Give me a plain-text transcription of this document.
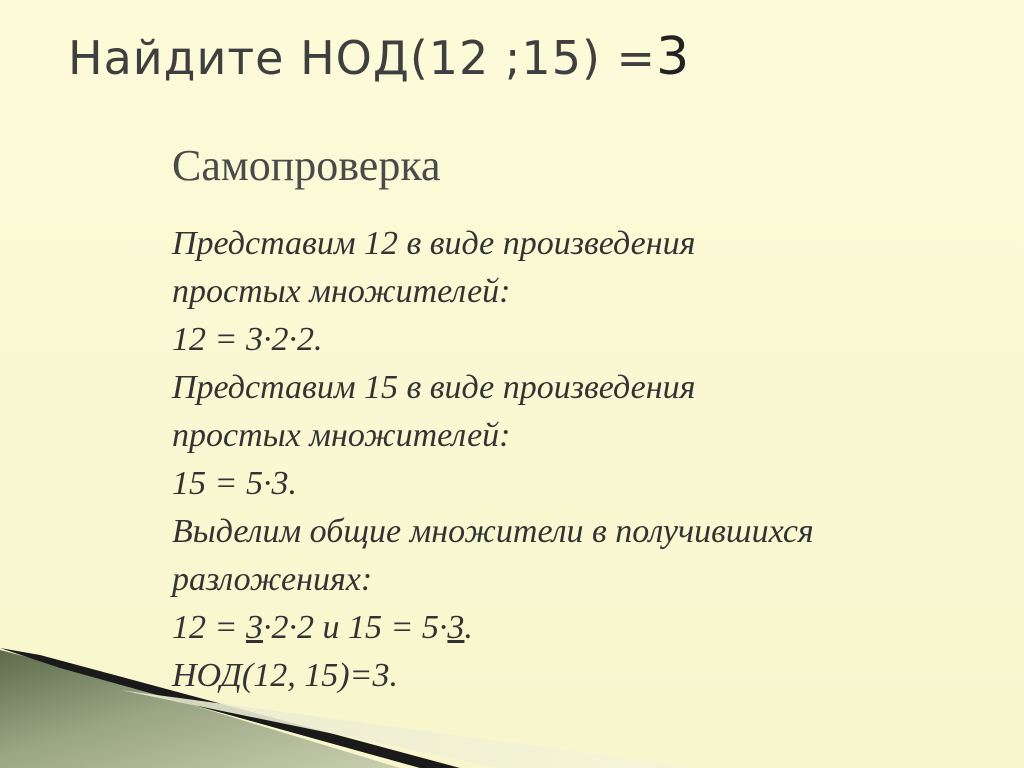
Найдите НОД(12 ;15) =3
Самопроверка
Представим 12 в виде произведения
простых множителей:
12 = 3·2·2.
Представим 15 в виде произведения
простых множителей:
15 = 5·3.
Выделим общие множители в получившихся
разложениях:
12 = 3·2·2 и 15 = 5·3.
НОД(12, 15)=3.
